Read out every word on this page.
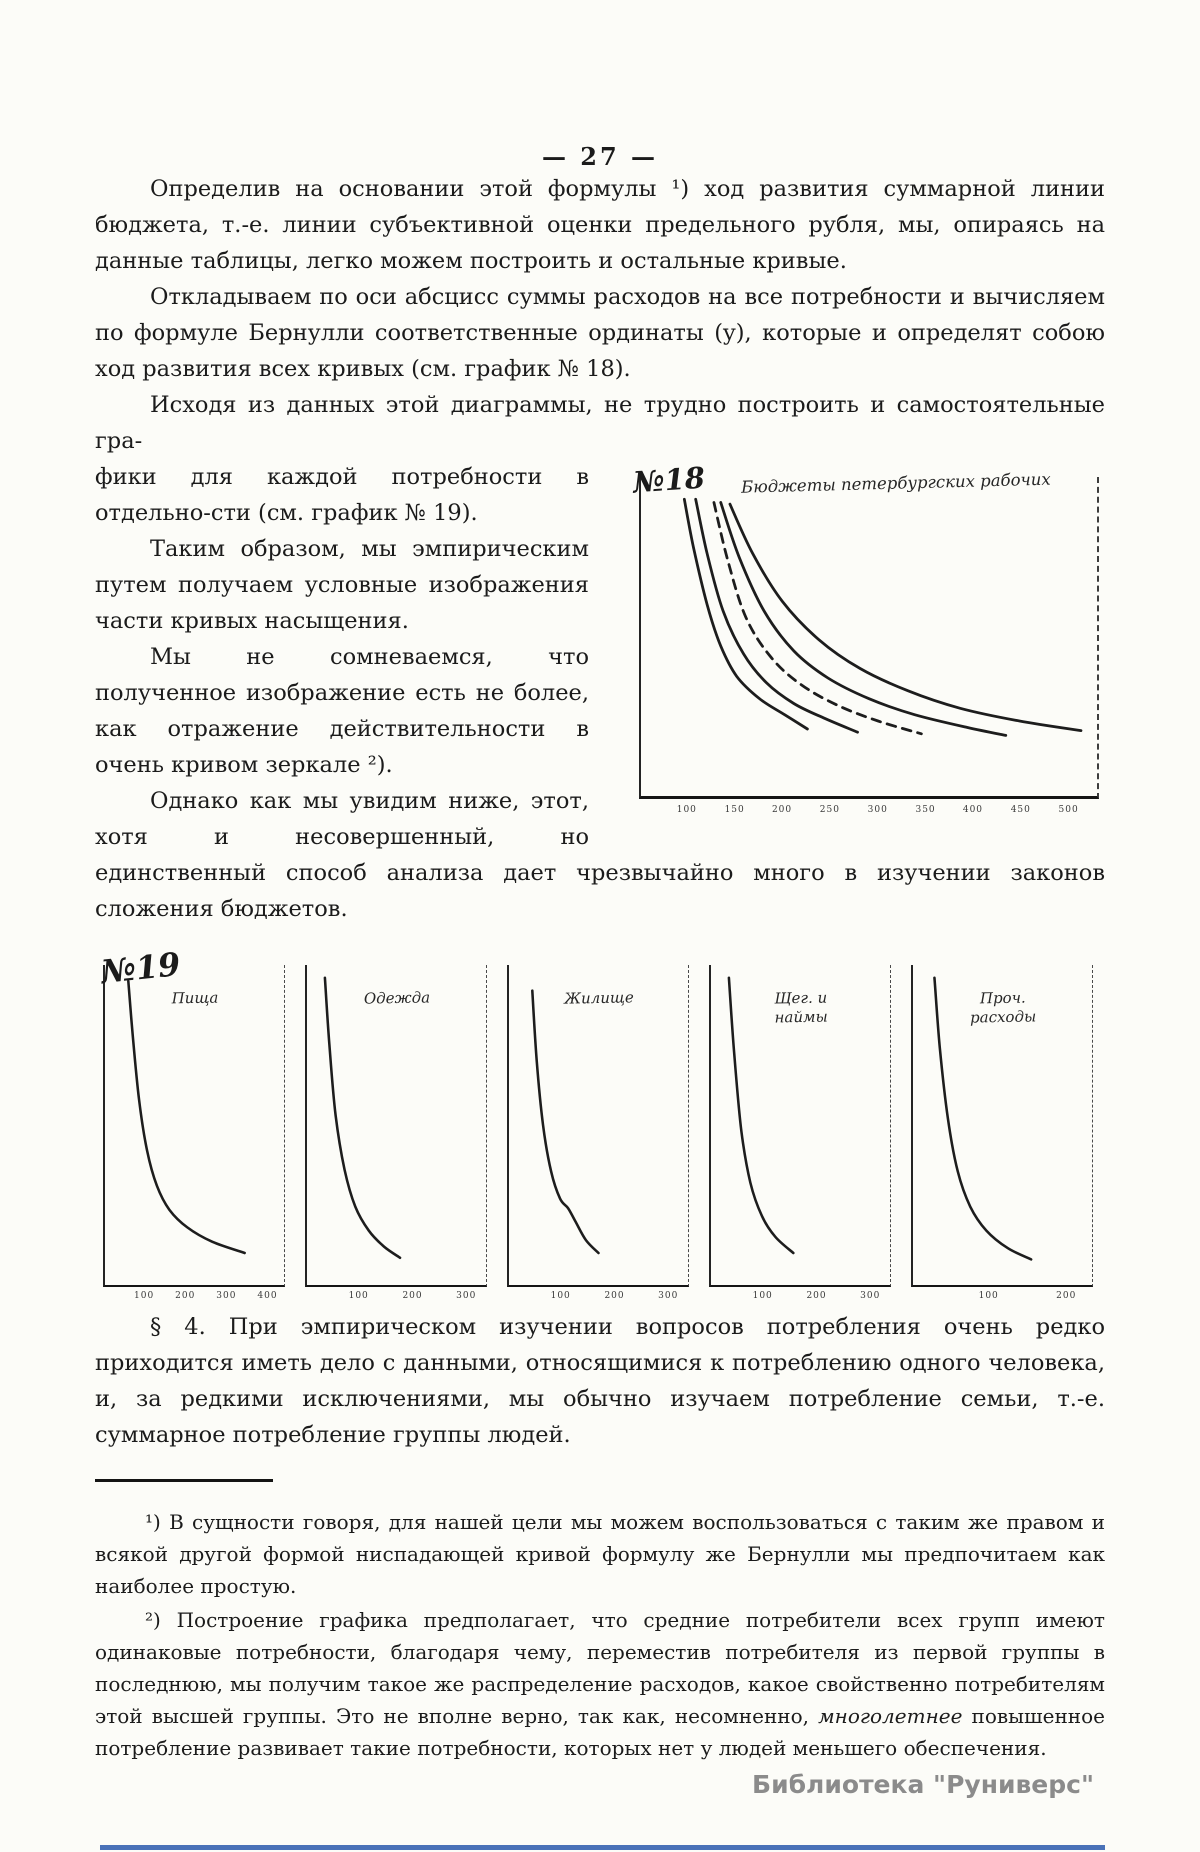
— 27 —

Определив на основании этой формулы ¹) ход развития суммарной линии бюджета, т.-е. линии субъективной оценки предельного рубля, мы, опираясь на данные таблицы, легко можем построить и остальные кривые.

Откладываем по оси абсцисс суммы расходов на все потребности и вычисляем по формуле Бернулли соответственные ординаты (y), которые и определят собою ход развития всех кривых (см. график № 18).

Исходя из данных этой диаграммы, не трудно построить и самостоятельные гра-

№18 Бюджеты петербургских рабочих
100	150	200	250	300	350	400	450	500

фики для каждой потребности в отдельно-сти (см. график № 19).

Таким образом, мы эмпирическим путем получаем условные изображения части кривых насыщения.

Мы не сомневаемся, что полученное изображение есть не более, как отражение действительности в очень кривом зеркале ²).

Однако как мы увидим ниже, этот, хотя и несовершенный, но единственный способ анализа дает чрезвычайно много в изучении законов сложения бюджетов.

№19
Пища
100 200 300 400
Одежда
100	200	300
Жилище
100	200	300
Щег. и
наймы
100	200	300
Проч.
расходы
100	200

§ 4. При эмпирическом изучении вопросов потребления очень редко приходится иметь дело с данными, относящимися к потреблению одного человека, и, за редкими исключениями, мы обычно изучаем потребление семьи, т.-е. суммарное потребление группы людей.

¹) В сущности говоря, для нашей цели мы можем воспользоваться с таким же правом и всякой другой формой ниспадающей кривой формулу же Бернулли мы предпочитаем как наиболее простую.

²) Построение графика предполагает, что средние потребители всех групп имеют одинаковые потребности, благодаря чему, переместив потребителя из первой группы в последнюю, мы получим такое же распределение расходов, какое свойственно потребителям этой высшей группы. Это не вполне верно, так как, несомненно, многолетнее повышенное потребление развивает такие потребности, которых нет у людей меньшего обеспечения.

Библиотека "Руниверс"
